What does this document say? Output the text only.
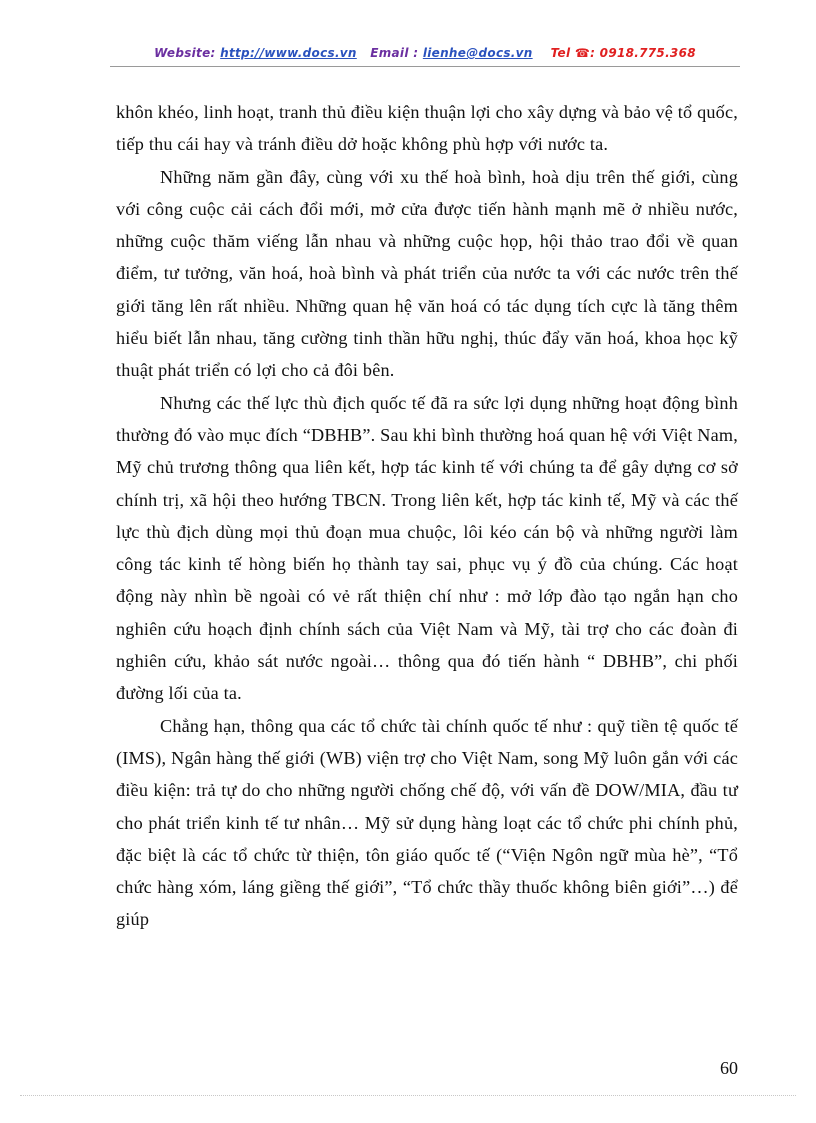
Website: http://www.docs.vn Email : lienhe@docs.vn Tel ☎: 0918.775.368

khôn khéo, linh hoạt, tranh thủ điều kiện thuận lợi cho xây dựng và bảo vệ tổ quốc, tiếp thu cái hay và tránh điều dở hoặc không phù hợp với nước ta.

Những năm gần đây, cùng với xu thế hoà bình, hoà dịu trên thế giới, cùng với công cuộc cải cách đổi mới, mở cửa được tiến hành mạnh mẽ ở nhiều nước, những cuộc thăm viếng lẫn nhau và những cuộc họp, hội thảo trao đổi về quan điểm, tư tưởng, văn hoá, hoà bình và phát triển của nước ta với các nước trên thế giới tăng lên rất nhiều. Những quan hệ văn hoá có tác dụng tích cực là tăng thêm hiểu biết lẫn nhau, tăng cường tinh thần hữu nghị, thúc đẩy văn hoá, khoa học kỹ thuật phát triển có lợi cho cả đôi bên.

Nhưng các thế lực thù địch quốc tế đã ra sức lợi dụng những hoạt động bình thường đó vào mục đích “DBHB”. Sau khi bình thường hoá quan hệ với Việt Nam, Mỹ chủ trương thông qua liên kết, hợp tác kinh tế với chúng ta để gây dựng cơ sở chính trị, xã hội theo hướng TBCN. Trong liên kết, hợp tác kinh tế, Mỹ và các thế lực thù địch dùng mọi thủ đoạn mua chuộc, lôi kéo cán bộ và những người làm công tác kinh tế hòng biến họ thành tay sai, phục vụ ý đồ của chúng. Các hoạt động này nhìn bề ngoài có vẻ rất thiện chí như : mở lớp đào tạo ngắn hạn cho nghiên cứu hoạch định chính sách của Việt Nam và Mỹ, tài trợ cho các đoàn đi nghiên cứu, khảo sát nước ngoài… thông qua đó tiến hành “ DBHB”, chi phối đường lối của ta.

Chẳng hạn, thông qua các tổ chức tài chính quốc tế như : quỹ tiền tệ quốc tế (IMS), Ngân hàng thế giới (WB) viện trợ cho Việt Nam, song Mỹ luôn gắn với các điều kiện: trả tự do cho những người chống chế độ, với vấn đề DOW/MIA, đầu tư cho phát triển kinh tế tư nhân… Mỹ sử dụng hàng loạt các tổ chức phi chính phủ, đặc biệt là các tổ chức từ thiện, tôn giáo quốc tế (“Viện Ngôn ngữ mùa hè”, “Tổ chức hàng xóm, láng giềng thế giới”, “Tổ chức thầy thuốc không biên giới”…) để giúp

60
